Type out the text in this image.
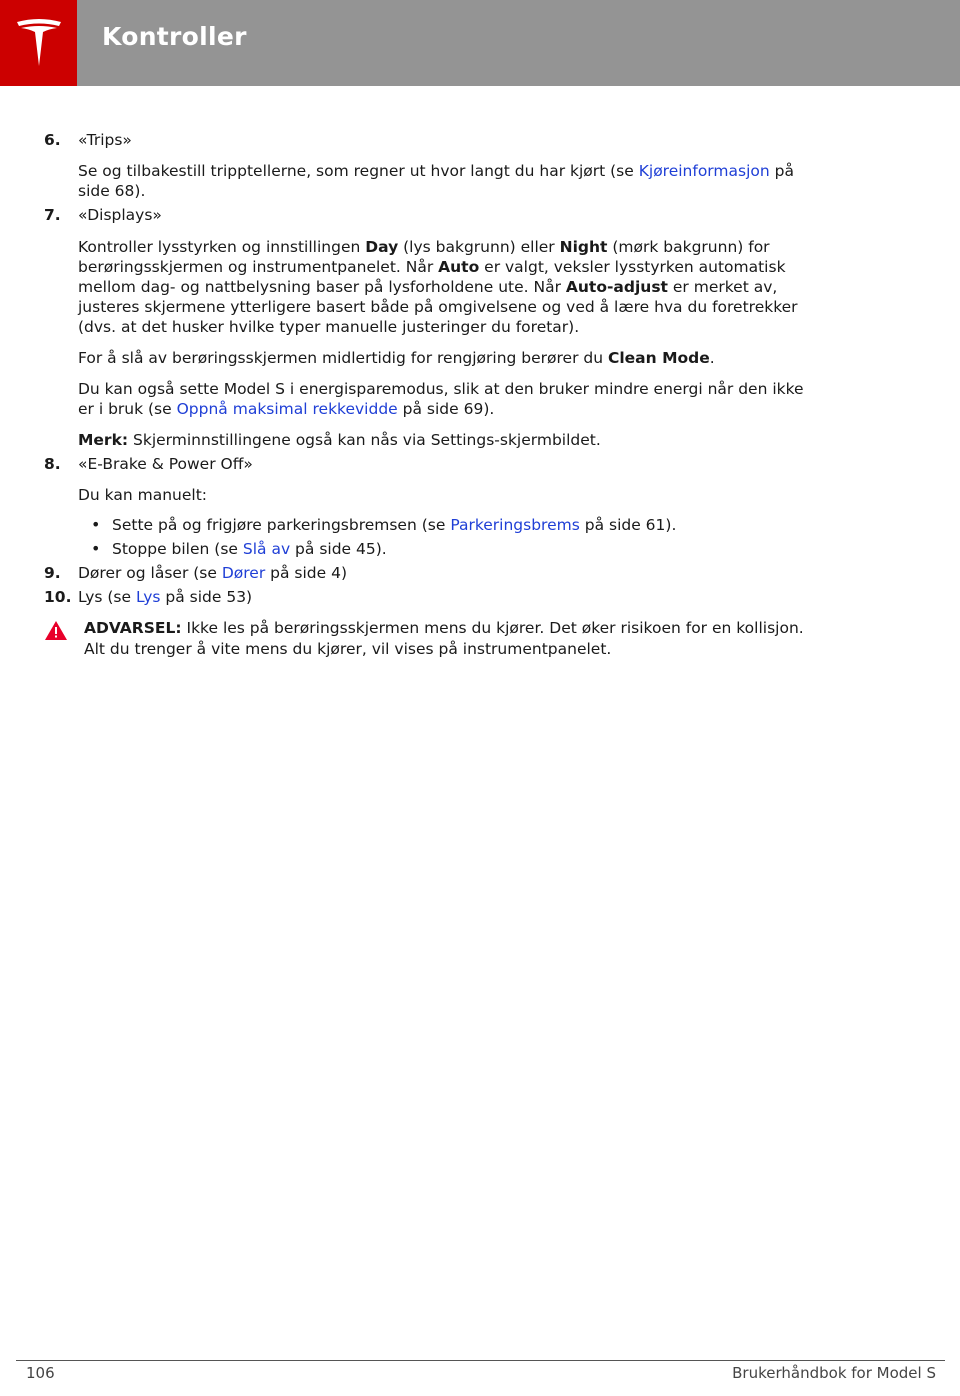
Kontroller
6. «Trips»
Se og tilbakestill tripptellerne, som regner ut hvor langt du har kjørt (se Kjøreinformasjon på
side 68).
7. «Displays»
Kontroller lysstyrken og innstillingen Day (lys bakgrunn) eller Night (mørk bakgrunn) for
berøringsskjermen og instrumentpanelet. Når Auto er valgt, veksler lysstyrken automatisk
mellom dag- og nattbelysning baser på lysforholdene ute. Når Auto-adjust er merket av,
justeres skjermene ytterligere basert både på omgivelsene og ved å lære hva du foretrekker
(dvs. at det husker hvilke typer manuelle justeringer du foretar).
For å slå av berøringsskjermen midlertidig for rengjøring berører du Clean Mode.
Du kan også sette Model S i energisparemodus, slik at den bruker mindre energi når den ikke
er i bruk (se Oppnå maksimal rekkevidde på side 69).
Merk: Skjerminnstillingene også kan nås via Settings-skjermbildet.
8. «E-Brake & Power Off»
Du kan manuelt:
• Sette på og frigjøre parkeringsbremsen (se Parkeringsbrems på side 61).
• Stoppe bilen (se Slå av på side 45).
9. Dører og låser (se Dører på side 4)
10. Lys (se Lys på side 53)
ADVARSEL: Ikke les på berøringsskjermen mens du kjører. Det øker risikoen for en kollisjon.
Alt du trenger å vite mens du kjører, vil vises på instrumentpanelet.
106	Brukerhåndbok for Model S
